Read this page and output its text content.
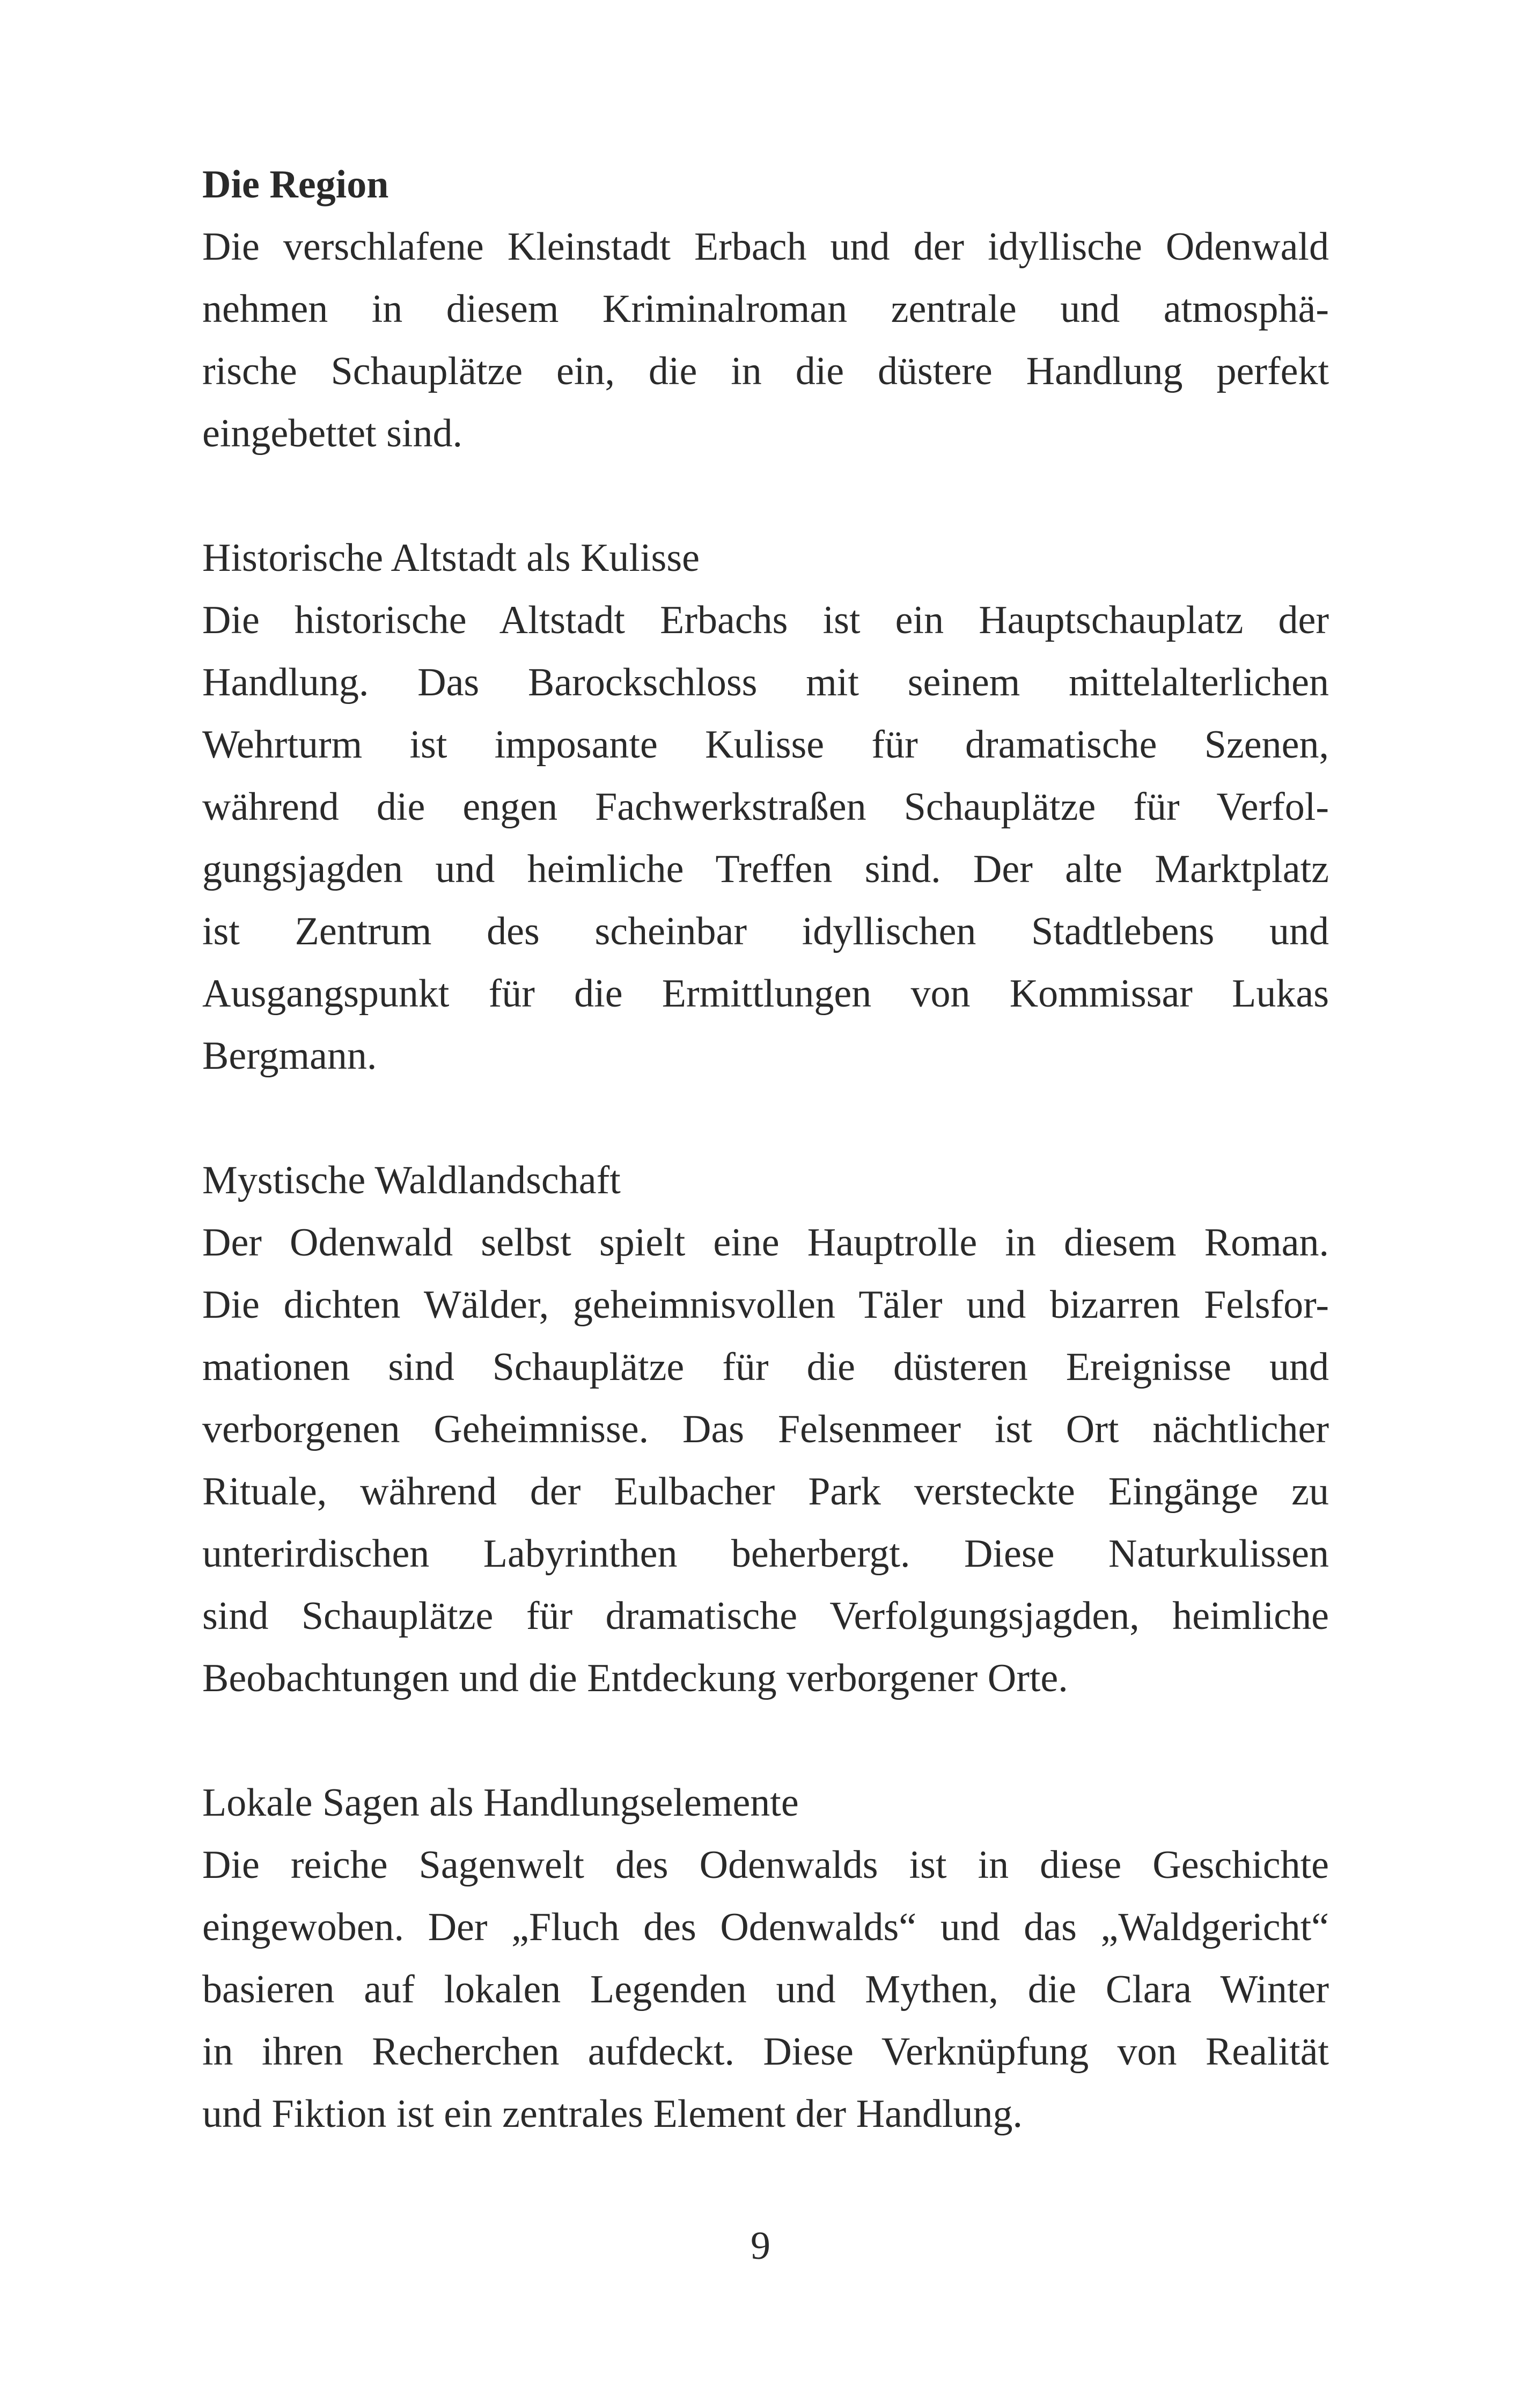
Die Region
Die verschlafene Kleinstadt Erbach und der idyllische Odenwald
nehmen in diesem Kriminalroman zentrale und atmosphä-
rische Schauplätze ein, die in die düstere Handlung perfekt
eingebettet sind.
Historische Altstadt als Kulisse
Die historische Altstadt Erbachs ist ein Hauptschauplatz der
Handlung. Das Barockschloss mit seinem mittelalterlichen
Wehrturm ist imposante Kulisse für dramatische Szenen,
während die engen Fachwerkstraßen Schauplätze für Verfol-
gungsjagden und heimliche Treffen sind. Der alte Marktplatz
ist Zentrum des scheinbar idyllischen Stadtlebens und
Ausgangspunkt für die Ermittlungen von Kommissar Lukas
Bergmann.
Mystische Waldlandschaft
Der Odenwald selbst spielt eine Hauptrolle in diesem Roman.
Die dichten Wälder, geheimnisvollen Täler und bizarren Felsfor-
mationen sind Schauplätze für die düsteren Ereignisse und
verborgenen Geheimnisse. Das Felsenmeer ist Ort nächtlicher
Rituale, während der Eulbacher Park versteckte Eingänge zu
unterirdischen Labyrinthen beherbergt. Diese Naturkulissen
sind Schauplätze für dramatische Verfolgungsjagden, heimliche
Beobachtungen und die Entdeckung verborgener Orte.
Lokale Sagen als Handlungselemente
Die reiche Sagenwelt des Odenwalds ist in diese Geschichte
eingewoben. Der „Fluch des Odenwalds“ und das „Waldgericht“
basieren auf lokalen Legenden und Mythen, die Clara Winter
in ihren Recherchen aufdeckt. Diese Verknüpfung von Realität
und Fiktion ist ein zentrales Element der Handlung.
9
